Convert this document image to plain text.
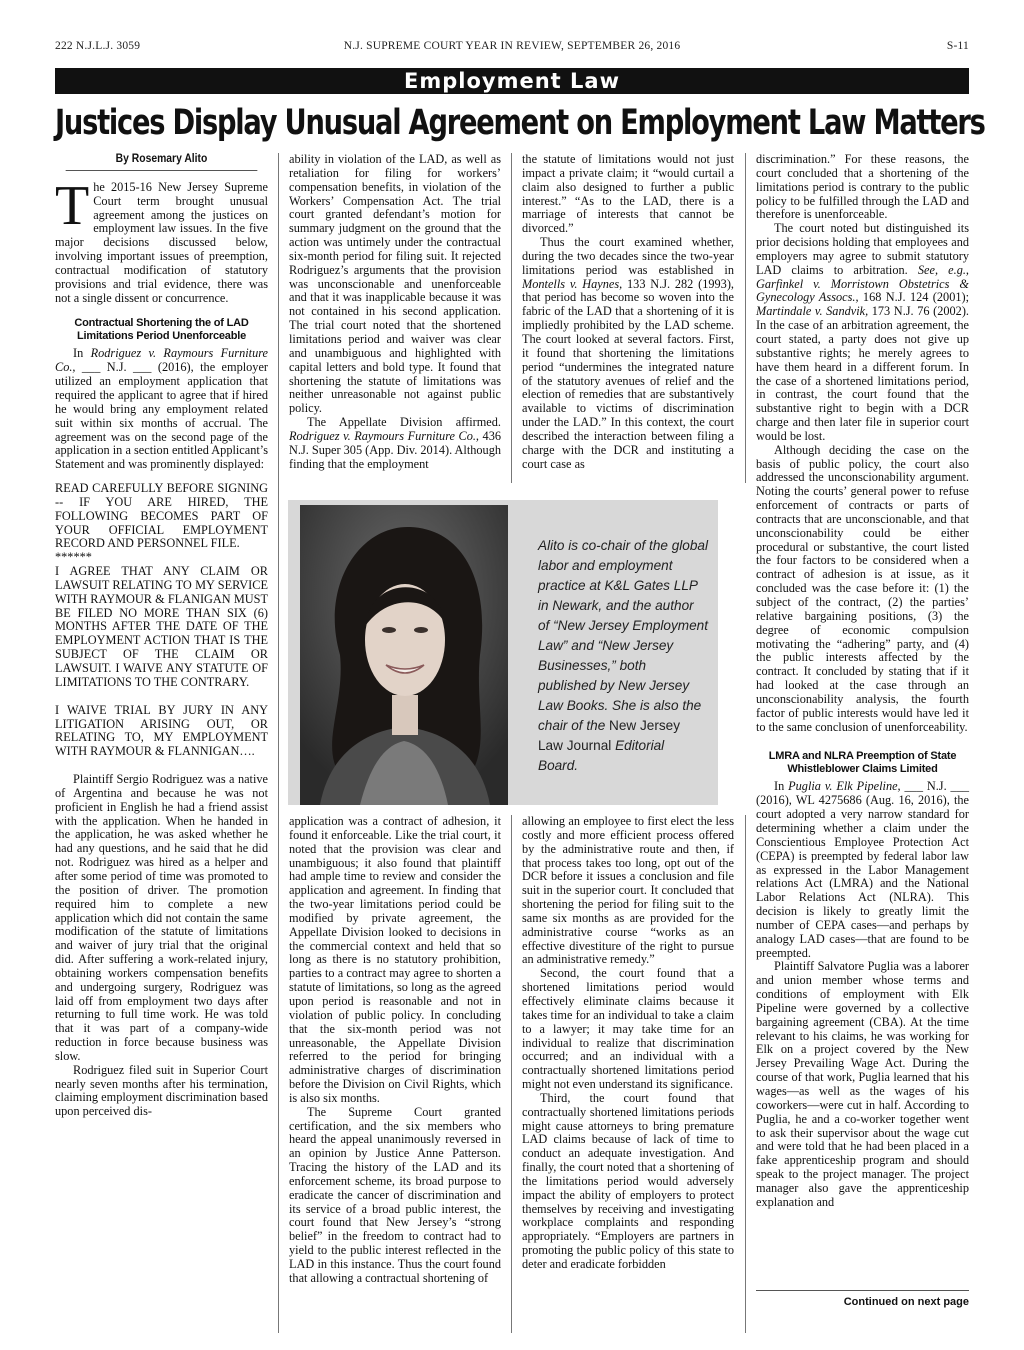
222 N.J.L.J. 3059	N.J. SUPREME COURT YEAR IN REVIEW, SEPTEMBER 26, 2016	S-11
Employment Law
Justices Display Unusual Agreement on Employment Law Matters
By Rosemary Alito

The 2015-16 New Jersey Supreme Court term brought unusual agreement among the justices on employment law issues. In the five major decisions discussed below, involving important issues of preemption, contractual modification of statutory provisions and trial evidence, there was not a single dissent or concurrence.

Contractual Shortening the of LAD Limitations Period Unenforceable

In Rodriguez v. Raymours Furniture Co., ___ N.J. ___ (2016), the employer utilized an employment application that required the applicant to agree that if hired he would bring any employment related suit within six months of accrual. The agreement was on the second page of the application in a section entitled Applicant’s Statement and was prominently displayed:

READ CAREFULLY BEFORE SIGNING -- IF YOU ARE HIRED, THE FOLLOWING BECOMES PART OF YOUR OFFICIAL EMPLOYMENT RECORD AND PERSONNEL FILE.

******

I AGREE THAT ANY CLAIM OR LAWSUIT RELATING TO MY SERVICE WITH RAYMOUR & FLANIGAN MUST BE FILED NO MORE THAN SIX (6) MONTHS AFTER THE DATE OF THE EMPLOYMENT ACTION THAT IS THE SUBJECT OF THE CLAIM OR LAWSUIT. I WAIVE ANY STATUTE OF LIMITATIONS TO THE CONTRARY.

I WAIVE TRIAL BY JURY IN ANY LITIGATION ARISING OUT, OR RELATING TO, MY EMPLOYMENT WITH RAYMOUR & FLANNIGAN….

Plaintiff Sergio Rodriguez was a native of Argentina and because he was not proficient in English he had a friend assist with the application. When he handed in the application, he was asked whether he had any questions, and he said that he did not. Rodriguez was hired as a helper and after some period of time was promoted to the position of driver. The promotion required him to complete a new application which did not contain the same modification of the statute of limitations and waiver of jury trial that the original did. After suffering a work-related injury, obtaining workers compensation benefits and undergoing surgery, Rodriguez was laid off from employment two days after returning to full time work. He was told that it was part of a company-wide reduction in force because business was slow.

Rodriguez filed suit in Superior Court nearly seven months after his termination, claiming employment discrimination based upon perceived dis-

ability in violation of the LAD, as well as retaliation for filing for workers’ compensation benefits, in violation of the Workers’ Compensation Act. The trial court granted defendant’s motion for summary judgment on the ground that the action was untimely under the contractual six-month period for filing suit. It rejected Rodriguez’s arguments that the provision was unconscionable and unenforceable and that it was inapplicable because it was not contained in his second application. The trial court noted that the shortened limitations period and waiver was clear and unambiguous and highlighted with capital letters and bold type. It found that shortening the statute of limitations was neither unreasonable not against public policy.

The Appellate Division affirmed. Rodriguez v. Raymours Furniture Co., 436 N.J. Super 305 (App. Div. 2014). Although finding that the employment

the statute of limitations would not just impact a private claim; it “would curtail a claim also designed to further a public interest.” “As to the LAD, there is a marriage of interests that cannot be divorced.”

Thus the court examined whether, during the two decades since the two-year limitations period was established in Montells v. Haynes, 133 N.J. 282 (1993), that period has become so woven into the fabric of the LAD that a shortening of it is impliedly prohibited by the LAD scheme. The court looked at several factors. First, it found that shortening the limitations period “undermines the integrated nature of the statutory avenues of relief and the election of remedies that are substantively available to victims of discrimination under the LAD.” In this context, the court described the interaction between filing a charge with the DCR and instituting a court case as

Alito is co-chair of the global labor and employment practice at K&L Gates LLP in Newark, and the author of “New Jersey Employment Law” and “New Jersey Businesses,” both published by New Jersey Law Books. She is also the chair of the New Jersey Law Journal Editorial Board.

application was a contract of adhesion, it found it enforceable. Like the trial court, it noted that the provision was clear and unambiguous; it also found that plaintiff had ample time to review and consider the application and agreement. In finding that the two-year limitations period could be modified by private agreement, the Appellate Division looked to decisions in the commercial context and held that so long as there is no statutory prohibition, parties to a contract may agree to shorten a statute of limitations, so long as the agreed upon period is reasonable and not in violation of public policy. In concluding that the six-month period was not unreasonable, the Appellate Division referred to the period for bringing administrative charges of discrimination before the Division on Civil Rights, which is also six months.

The Supreme Court granted certification, and the six members who heard the appeal unanimously reversed in an opinion by Justice Anne Patterson. Tracing the history of the LAD and its enforcement scheme, its broad purpose to eradicate the cancer of discrimination and its service of a broad public interest, the court found that New Jersey’s “strong belief” in the freedom to contract had to yield to the public interest reflected in the LAD in this instance. Thus the court found that allowing a contractual shortening of

allowing an employee to first elect the less costly and more efficient process offered by the administrative route and then, if that process takes too long, opt out of the DCR before it issues a conclusion and file suit in the superior court. It concluded that shortening the period for filing suit to the same six months as are provided for the administrative course “works as an effective divestiture of the right to pursue an administrative remedy.”

Second, the court found that a shortened limitations period would effectively eliminate claims because it takes time for an individual to take a claim to a lawyer; it may take time for an individual to realize that discrimination occurred; and an individual with a contractually shortened limitations period might not even understand its significance.

Third, the court found that contractually shortened limitations periods might cause attorneys to bring premature LAD claims because of lack of time to conduct an adequate investigation. And finally, the court noted that a shortening of the limitations period would adversely impact the ability of employers to protect themselves by receiving and investigating workplace complaints and responding appropriately. “Employers are partners in promoting the public policy of this state to deter and eradicate forbidden

discrimination.” For these reasons, the court concluded that a shortening of the limitations period is contrary to the public policy to be fulfilled through the LAD and therefore is unenforceable.

The court noted but distinguished its prior decisions holding that employees and employers may agree to submit statutory LAD claims to arbitration. See, e.g., Garfinkel v. Morristown Obstetrics & Gynecology Assocs., 168 N.J. 124 (2001); Martindale v. Sandvik, 173 N.J. 76 (2002). In the case of an arbitration agreement, the court stated, a party does not give up substantive rights; he merely agrees to have them heard in a different forum. In the case of a shortened limitations period, in contrast, the court found that the substantive right to begin with a DCR charge and then later file in superior court would be lost.

Although deciding the case on the basis of public policy, the court also addressed the unconscionability argument. Noting the courts’ general power to refuse enforcement of contracts or parts of contracts that are unconscionable, and that unconscionability could be either procedural or substantive, the court listed the four factors to be considered when a contract of adhesion is at issue, as it concluded was the case before it: (1) the subject of the contract, (2) the parties’ relative bargaining positions, (3) the degree of economic compulsion motivating the “adhering” party, and (4) the public interests affected by the contract. It concluded by stating that if it had looked at the case through an unconscionability analysis, the fourth factor of public interests would have led it to the same conclusion of unenforceability.

LMRA and NLRA Preemption of State Whistleblower Claims Limited

In Puglia v. Elk Pipeline, ___ N.J. ___ (2016), WL 4275686 (Aug. 16, 2016), the court adopted a very narrow standard for determining whether a claim under the Conscientious Employee Protection Act (CEPA) is preempted by federal labor law as expressed in the Labor Management relations Act (LMRA) and the National Labor Relations Act (NLRA). This decision is likely to greatly limit the number of CEPA cases—and perhaps by analogy LAD cases—that are found to be preempted.

Plaintiff Salvatore Puglia was a laborer and union member whose terms and conditions of employment with Elk Pipeline were governed by a collective bargaining agreement (CBA). At the time relevant to his claims, he was working for Elk on a project covered by the New Jersey Prevailing Wage Act. During the course of that work, Puglia learned that his wages—as well as the wages of his coworkers—were cut in half. According to Puglia, he and a co-worker together went to ask their supervisor about the wage cut and were told that he had been placed in a fake apprenticeship program and should speak to the project manager. The project manager also gave the apprenticeship explanation and

Continued on next page
